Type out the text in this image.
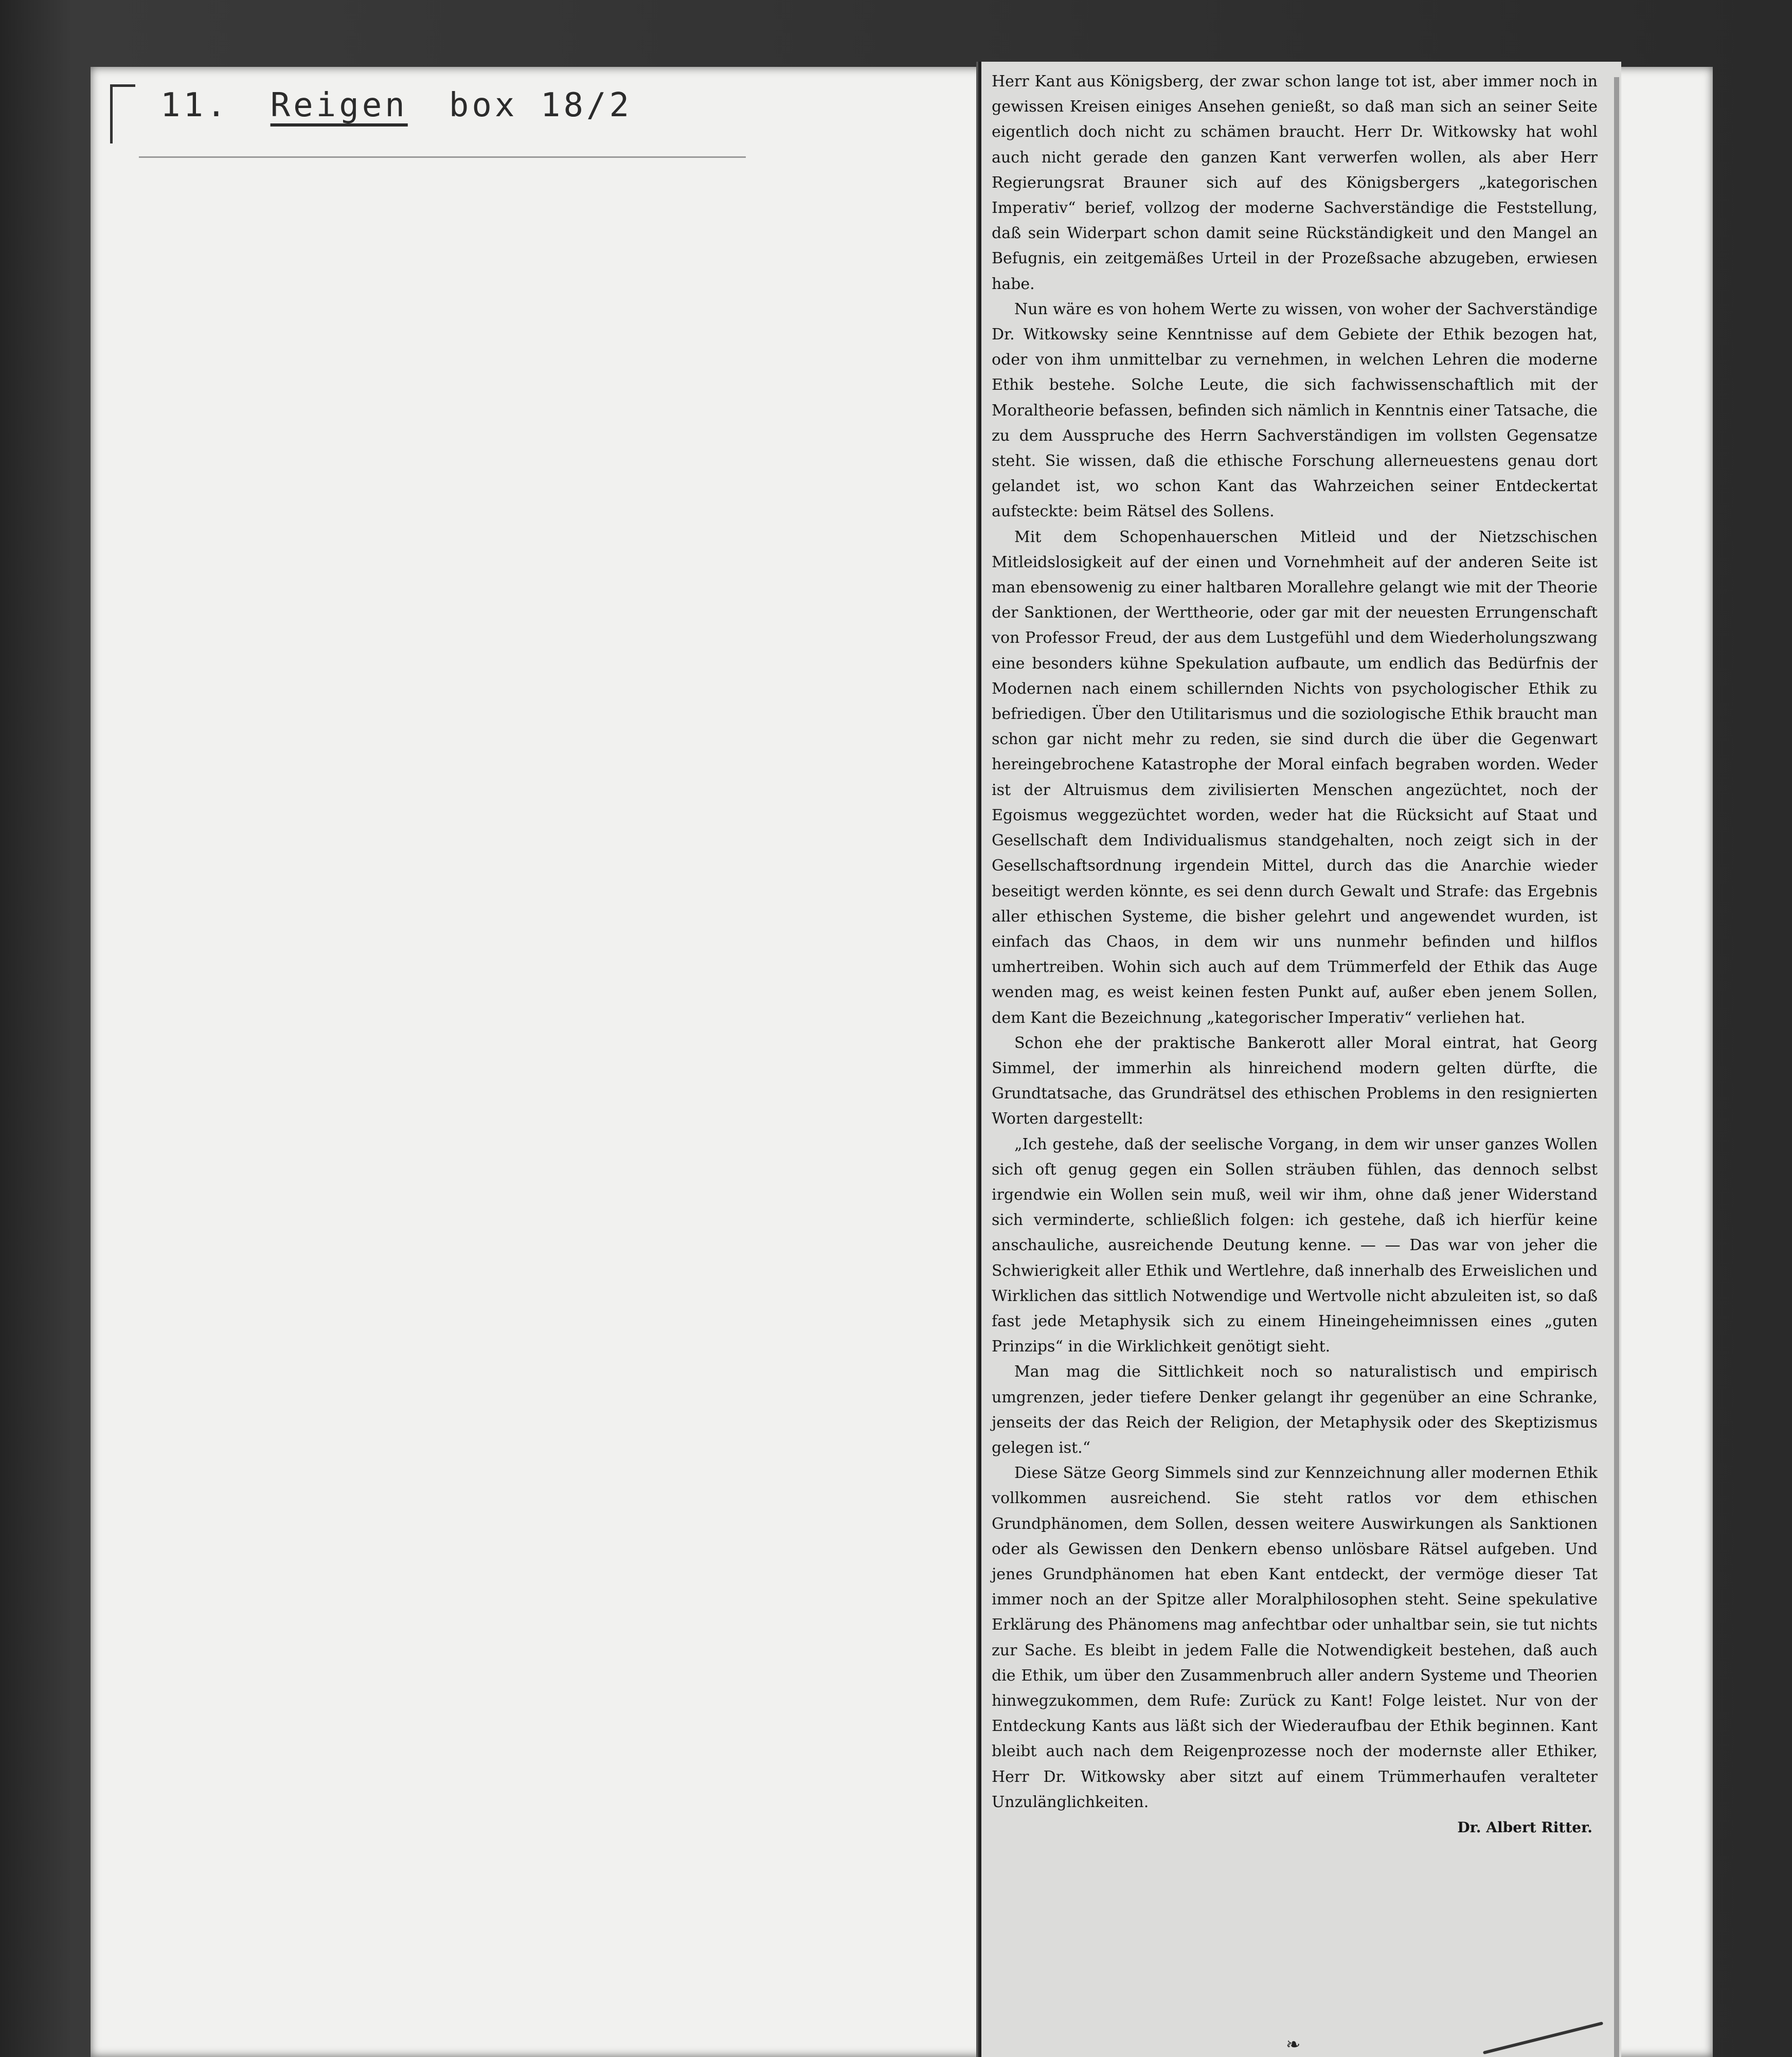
11. Reigen box 18/2

Herr Kant aus Königsberg, der zwar schon lange tot ist, aber immer noch in gewissen Kreisen einiges Ansehen genießt, so daß man sich an seiner Seite eigentlich doch nicht zu schämen braucht. Herr Dr. Witkowsky hat wohl auch nicht gerade den ganzen Kant verwerfen wollen, als aber Herr Regierungsrat Brauner sich auf des Königsbergers „kategorischen Imperativ“ berief, vollzog der moderne Sachverständige die Feststellung, daß sein Widerpart schon damit seine Rückständigkeit und den Mangel an Befugnis, ein zeitgemäßes Urteil in der Prozeßsache abzugeben, erwiesen habe.

Nun wäre es von hohem Werte zu wissen, von woher der Sachverständige Dr. Witkowsky seine Kenntnisse auf dem Gebiete der Ethik bezogen hat, oder von ihm unmittelbar zu vernehmen, in welchen Lehren die moderne Ethik bestehe. Solche Leute, die sich fachwissenschaftlich mit der Moraltheorie befassen, befinden sich nämlich in Kenntnis einer Tatsache, die zu dem Ausspruche des Herrn Sachverständigen im vollsten Gegensatze steht. Sie wissen, daß die ethische Forschung allerneuestens genau dort gelandet ist, wo schon Kant das Wahrzeichen seiner Entdeckertat aufsteckte: beim Rätsel des Sollens.

Mit dem Schopenhauerschen Mitleid und der Nietzschischen Mitleidslosigkeit auf der einen und Vornehmheit auf der anderen Seite ist man ebensowenig zu einer haltbaren Morallehre gelangt wie mit der Theorie der Sanktionen, der Werttheorie, oder gar mit der neuesten Errungenschaft von Professor Freud, der aus dem Lustgefühl und dem Wiederholungszwang eine besonders kühne Spekulation aufbaute, um endlich das Bedürfnis der Modernen nach einem schillernden Nichts von psychologischer Ethik zu befriedigen. Über den Utilitarismus und die soziologische Ethik braucht man schon gar nicht mehr zu reden, sie sind durch die über die Gegenwart hereingebrochene Katastrophe der Moral einfach begraben worden. Weder ist der Altruismus dem zivilisierten Menschen angezüchtet, noch der Egoismus weggezüchtet worden, weder hat die Rücksicht auf Staat und Gesellschaft dem Individualismus standgehalten, noch zeigt sich in der Gesellschaftsordnung irgendein Mittel, durch das die Anarchie wieder beseitigt werden könnte, es sei denn durch Gewalt und Strafe: das Ergebnis aller ethischen Systeme, die bisher gelehrt und angewendet wurden, ist einfach das Chaos, in dem wir uns nunmehr befinden und hilflos umhertreiben. Wohin sich auch auf dem Trümmerfeld der Ethik das Auge wenden mag, es weist keinen festen Punkt auf, außer eben jenem Sollen, dem Kant die Bezeichnung „kategorischer Imperativ“ verliehen hat.

Schon ehe der praktische Bankerott aller Moral eintrat, hat Georg Simmel, der immerhin als hinreichend modern gelten dürfte, die Grundtatsache, das Grundrätsel des ethischen Problems in den resignierten Worten dargestellt:

„Ich gestehe, daß der seelische Vorgang, in dem wir unser ganzes Wollen sich oft genug gegen ein Sollen sträuben fühlen, das dennoch selbst irgendwie ein Wollen sein muß, weil wir ihm, ohne daß jener Widerstand sich verminderte, schließlich folgen: ich gestehe, daß ich hierfür keine anschauliche, ausreichende Deutung kenne. — — Das war von jeher die Schwierigkeit aller Ethik und Wertlehre, daß innerhalb des Erweislichen und Wirklichen das sittlich Notwendige und Wertvolle nicht abzuleiten ist, so daß fast jede Metaphysik sich zu einem Hineingeheimnissen eines „guten Prinzips“ in die Wirklichkeit genötigt sieht.

Man mag die Sittlichkeit noch so naturalistisch und empirisch umgrenzen, jeder tiefere Denker gelangt ihr gegenüber an eine Schranke, jenseits der das Reich der Religion, der Metaphysik oder des Skeptizismus gelegen ist.“

Diese Sätze Georg Simmels sind zur Kennzeichnung aller modernen Ethik vollkommen ausreichend. Sie steht ratlos vor dem ethischen Grundphänomen, dem Sollen, dessen weitere Auswirkungen als Sanktionen oder als Gewissen den Denkern ebenso unlösbare Rätsel aufgeben. Und jenes Grundphänomen hat eben Kant entdeckt, der vermöge dieser Tat immer noch an der Spitze aller Moralphilosophen steht. Seine spekulative Erklärung des Phänomens mag anfechtbar oder unhaltbar sein, sie tut nichts zur Sache. Es bleibt in jedem Falle die Notwendigkeit bestehen, daß auch die Ethik, um über den Zusammenbruch aller andern Systeme und Theorien hinwegzukommen, dem Rufe: Zurück zu Kant! Folge leistet. Nur von der Entdeckung Kants aus läßt sich der Wiederaufbau der Ethik beginnen. Kant bleibt auch nach dem Reigenprozesse noch der modernste aller Ethiker, Herr Dr. Witkowsky aber sitzt auf einem Trümmerhaufen veralteter Unzulänglichkeiten.

Dr. Albert Ritter.
❧
